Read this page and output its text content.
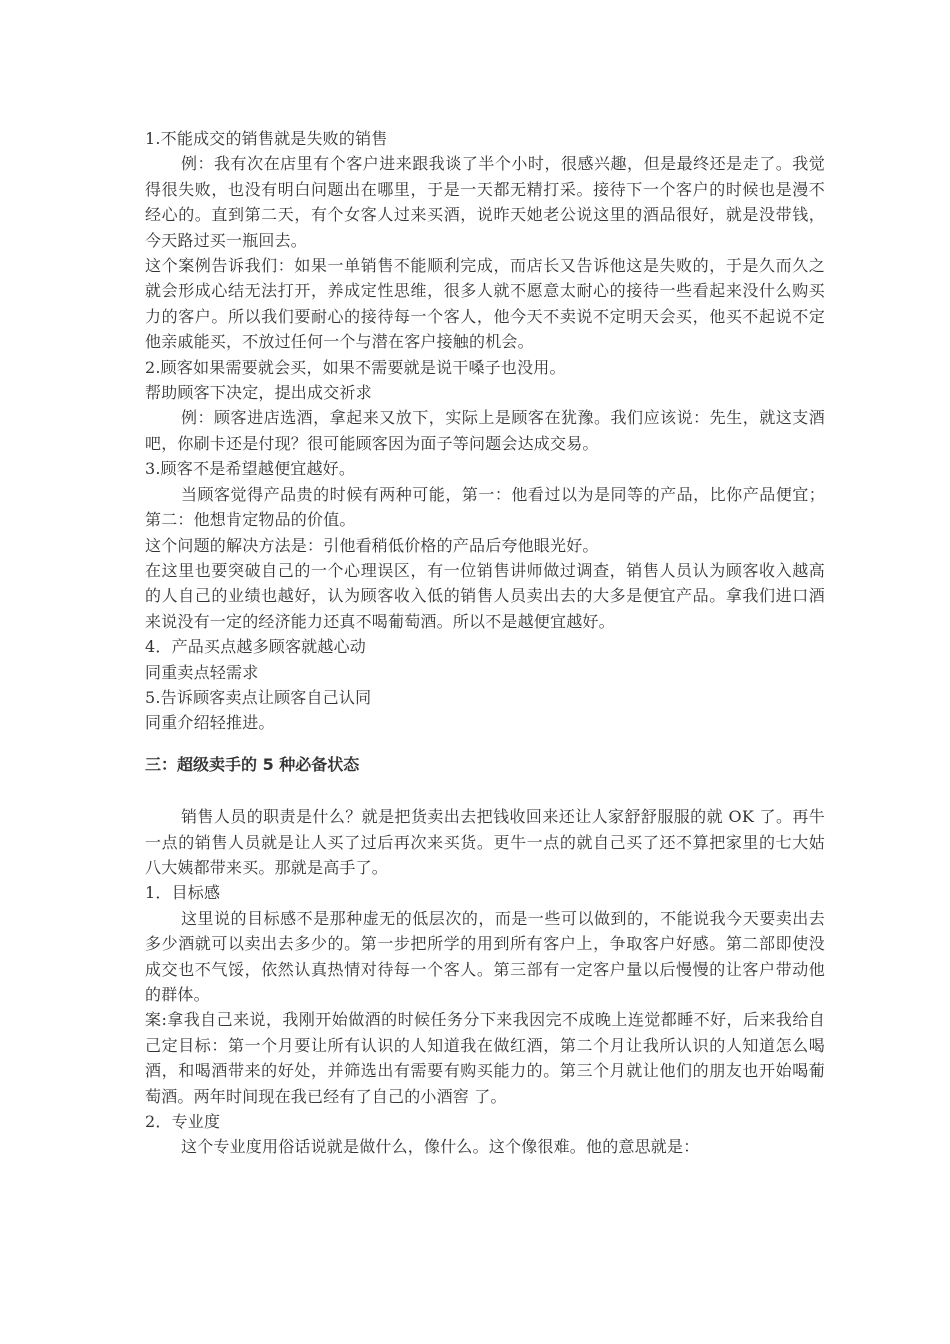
1.不能成交的销售就是失败的销售

例：我有次在店里有个客户进来跟我谈了半个小时，很感兴趣，但是最终还是走了。我觉得很失败，也没有明白问题出在哪里，于是一天都无精打采。接待下一个客户的时候也是漫不经心的。直到第二天，有个女客人过来买酒，说昨天她老公说这里的酒品很好，就是没带钱，今天路过买一瓶回去。

这个案例告诉我们：如果一单销售不能顺利完成，而店长又告诉他这是失败的，于是久而久之就会形成心结无法打开，养成定性思维，很多人就不愿意太耐心的接待一些看起来没什么购买力的客户。所以我们要耐心的接待每一个客人，他今天不卖说不定明天会买，他买不起说不定他亲戚能买，不放过任何一个与潜在客户接触的机会。

2.顾客如果需要就会买，如果不需要就是说干嗓子也没用。

帮助顾客下决定，提出成交祈求

例：顾客进店选酒，拿起来又放下，实际上是顾客在犹豫。我们应该说：先生，就这支酒吧，你刷卡还是付现？很可能顾客因为面子等问题会达成交易。

3.顾客不是希望越便宜越好。

当顾客觉得产品贵的时候有两种可能，第一：他看过以为是同等的产品，比你产品便宜；第二：他想肯定物品的价值。

这个问题的解决方法是：引他看稍低价格的产品后夸他眼光好。

在这里也要突破自己的一个心理误区，有一位销售讲师做过调查，销售人员认为顾客收入越高的人自己的业绩也越好，认为顾客收入低的销售人员卖出去的大多是便宜产品。拿我们进口酒来说没有一定的经济能力还真不喝葡萄酒。所以不是越便宜越好。

4．产品买点越多顾客就越心动

同重卖点轻需求

5.告诉顾客卖点让顾客自己认同

同重介绍轻推进。

三：超级卖手的 5 种必备状态

销售人员的职责是什么？就是把货卖出去把钱收回来还让人家舒舒服服的就 OK 了。再牛一点的销售人员就是让人买了过后再次来买货。更牛一点的就自己买了还不算把家里的七大姑八大姨都带来买。那就是高手了。

1．目标感

这里说的目标感不是那种虚无的低层次的，而是一些可以做到的，不能说我今天要卖出去多少酒就可以卖出去多少的。第一步把所学的用到所有客户上，争取客户好感。第二部即使没成交也不气馁，依然认真热情对待每一个客人。第三部有一定客户量以后慢慢的让客户带动他的群体。

案:拿我自己来说，我刚开始做酒的时候任务分下来我因完不成晚上连觉都睡不好，后来我给自己定目标：第一个月要让所有认识的人知道我在做红酒，第二个月让我所认识的人知道怎么喝酒，和喝酒带来的好处，并筛选出有需要有购买能力的。第三个月就让他们的朋友也开始喝葡萄酒。两年时间现在我已经有了自己的小酒窖 了。

2．专业度

这个专业度用俗话说就是做什么，像什么。这个像很难。他的意思就是：
